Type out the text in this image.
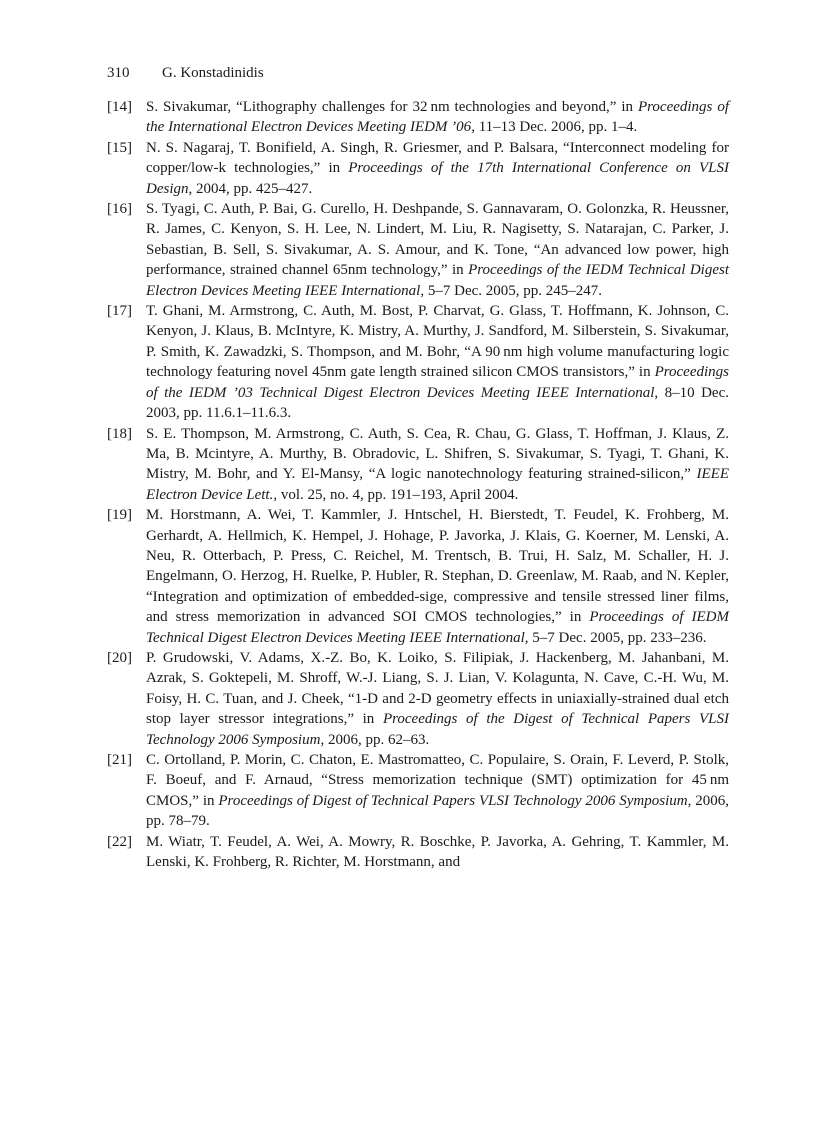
310 G. Konstadinidis
[14] S. Sivakumar, “Lithography challenges for 32 nm technologies and beyond,” in Proceedings of the International Electron Devices Meeting IEDM ’06, 11–13 Dec. 2006, pp. 1–4.
[15] N. S. Nagaraj, T. Bonifield, A. Singh, R. Griesmer, and P. Balsara, “Interconnect modeling for copper/low-k technologies,” in Proceedings of the 17th International Conference on VLSI Design, 2004, pp. 425–427.
[16] S. Tyagi, C. Auth, P. Bai, G. Curello, H. Deshpande, S. Gannavaram, O. Golonzka, R. Heussner, R. James, C. Kenyon, S. H. Lee, N. Lindert, M. Liu, R. Nagisetty, S. Natarajan, C. Parker, J. Sebastian, B. Sell, S. Sivakumar, A. S. Amour, and K. Tone, “An advanced low power, high performance, strained channel 65nm technology,” in Proceedings of the IEDM Technical Digest Electron Devices Meeting IEEE International, 5–7 Dec. 2005, pp. 245–247.
[17] T. Ghani, M. Armstrong, C. Auth, M. Bost, P. Charvat, G. Glass, T. Hoffmann, K. Johnson, C. Kenyon, J. Klaus, B. McIntyre, K. Mistry, A. Murthy, J. Sandford, M. Silberstein, S. Sivakumar, P. Smith, K. Zawadzki, S. Thompson, and M. Bohr, “A 90 nm high volume manufacturing logic technology featuring novel 45nm gate length strained silicon CMOS transistors,” in Proceedings of the IEDM ’03 Technical Digest Electron Devices Meeting IEEE International, 8–10 Dec. 2003, pp. 11.6.1–11.6.3.
[18] S. E. Thompson, M. Armstrong, C. Auth, S. Cea, R. Chau, G. Glass, T. Hoffman, J. Klaus, Z. Ma, B. Mcintyre, A. Murthy, B. Obradovic, L. Shifren, S. Sivakumar, S. Tyagi, T. Ghani, K. Mistry, M. Bohr, and Y. El-Mansy, “A logic nanotechnology featuring strained-silicon,” IEEE Electron Device Lett., vol. 25, no. 4, pp. 191–193, April 2004.
[19] M. Horstmann, A. Wei, T. Kammler, J. Hntschel, H. Bierstedt, T. Feudel, K. Frohberg, M. Gerhardt, A. Hellmich, K. Hempel, J. Hohage, P. Javorka, J. Klais, G. Koerner, M. Lenski, A. Neu, R. Otterbach, P. Press, C. Reichel, M. Trentsch, B. Trui, H. Salz, M. Schaller, H. J. Engelmann, O. Herzog, H. Ruelke, P. Hubler, R. Stephan, D. Greenlaw, M. Raab, and N. Kepler, “Integration and optimization of embedded-sige, compressive and tensile stressed liner films, and stress memorization in advanced SOI CMOS technologies,” in Proceedings of IEDM Technical Digest Electron Devices Meeting IEEE International, 5–7 Dec. 2005, pp. 233–236.
[20] P. Grudowski, V. Adams, X.-Z. Bo, K. Loiko, S. Filipiak, J. Hackenberg, M. Jahanbani, M. Azrak, S. Goktepeli, M. Shroff, W.-J. Liang, S. J. Lian, V. Kolagunta, N. Cave, C.-H. Wu, M. Foisy, H. C. Tuan, and J. Cheek, “1-D and 2-D geometry effects in uniaxially-strained dual etch stop layer stressor integrations,” in Proceedings of the Digest of Technical Papers VLSI Technology 2006 Symposium, 2006, pp. 62–63.
[21] C. Ortolland, P. Morin, C. Chaton, E. Mastromatteo, C. Populaire, S. Orain, F. Leverd, P. Stolk, F. Boeuf, and F. Arnaud, “Stress memorization technique (SMT) optimization for 45 nm CMOS,” in Proceedings of Digest of Technical Papers VLSI Technology 2006 Symposium, 2006, pp. 78–79.
[22] M. Wiatr, T. Feudel, A. Wei, A. Mowry, R. Boschke, P. Javorka, A. Gehring, T. Kammler, M. Lenski, K. Frohberg, R. Richter, M. Horstmann, and
